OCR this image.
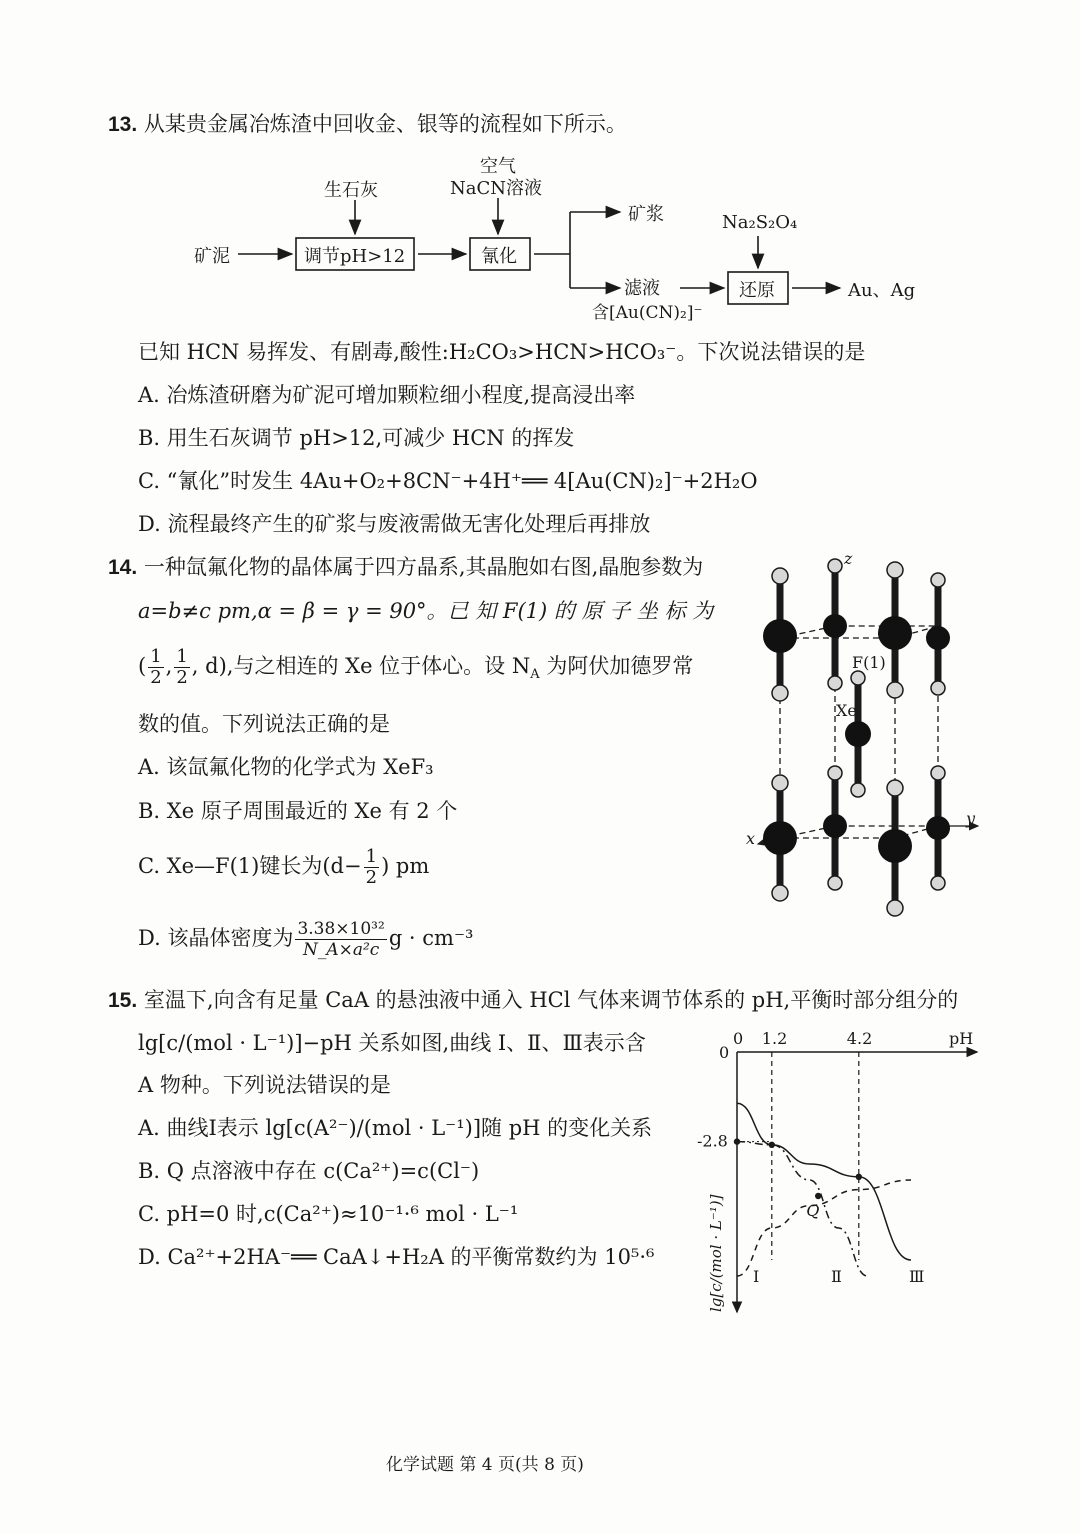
13. 从某贵金属冶炼渣中回收金、银等的流程如下所示。
矿泥
生石灰
调节pH>12
空气
NaCN溶液
氰化
矿浆
滤液
含[Au(CN)₂]⁻
Na₂S₂O₄
还原	Au、Ag
已知 HCN 易挥发、有剧毒,酸性:H₂CO₃>HCN>HCO₃⁻。下次说法错误的是
A. 冶炼渣研磨为矿泥可增加颗粒细小程度,提高浸出率
B. 用生石灰调节 pH>12,可减少 HCN 的挥发
C. “氰化”时发生 4Au+O₂+8CN⁻+4H⁺══ 4[Au(CN)₂]⁻+2H₂O
D. 流程最终产生的矿浆与废液需做无害化处理后再排放
14. 一种氙氟化物的晶体属于四方晶系,其晶胞如右图,晶胞参数为
a=b≠c pm,α = β = γ = 90°。已 知 F(1) 的 原 子 坐 标 为
( $\frac{1}{2}$ , $\frac{1}{2}$ , d),与之相连的 Xe 位于体心。设 $N_A$ 为阿伏加德罗常
数的值。下列说法正确的是
A. 该氙氟化物的化学式为 XeF₃
B. Xe 原子周围最近的 Xe 有 2 个
C. Xe—F(1)键长为($d- \frac{1}{2}$ ) pm
D. 该晶体密度为 $\frac{\text{3.38×10³²}}{\text{N\_A×a²c}}$ g · cm⁻³
z
y
x
F(1)
Xe
15. 室温下,向含有足量 CaA 的悬浊液中通入 HCl 气体来调节体系的 pH,平衡时部分组分的
lg[c/(mol · L⁻¹)]−pH 关系如图,曲线 Ⅰ、Ⅱ、Ⅲ表示含
A 物种。下列说法错误的是
A. 曲线Ⅰ表示 lg[c(A²⁻)/(mol · L⁻¹)]随 pH 的变化关系
B. Q 点溶液中存在 c(Ca²⁺)=c(Cl⁻)
C. pH=0 时,c(Ca²⁺)≈10⁻¹·⁶ mol · L⁻¹
D. Ca²⁺+2HA⁻══ CaA↓+H₂A 的平衡常数约为 10⁵·⁶
0
0 1.2	4.2	pH
-2.8
lg[c/(mol · L⁻¹)] Ⅰ	Ⅱ	Ⅲ
Q
化学试题 第 4 页(共 8 页)
